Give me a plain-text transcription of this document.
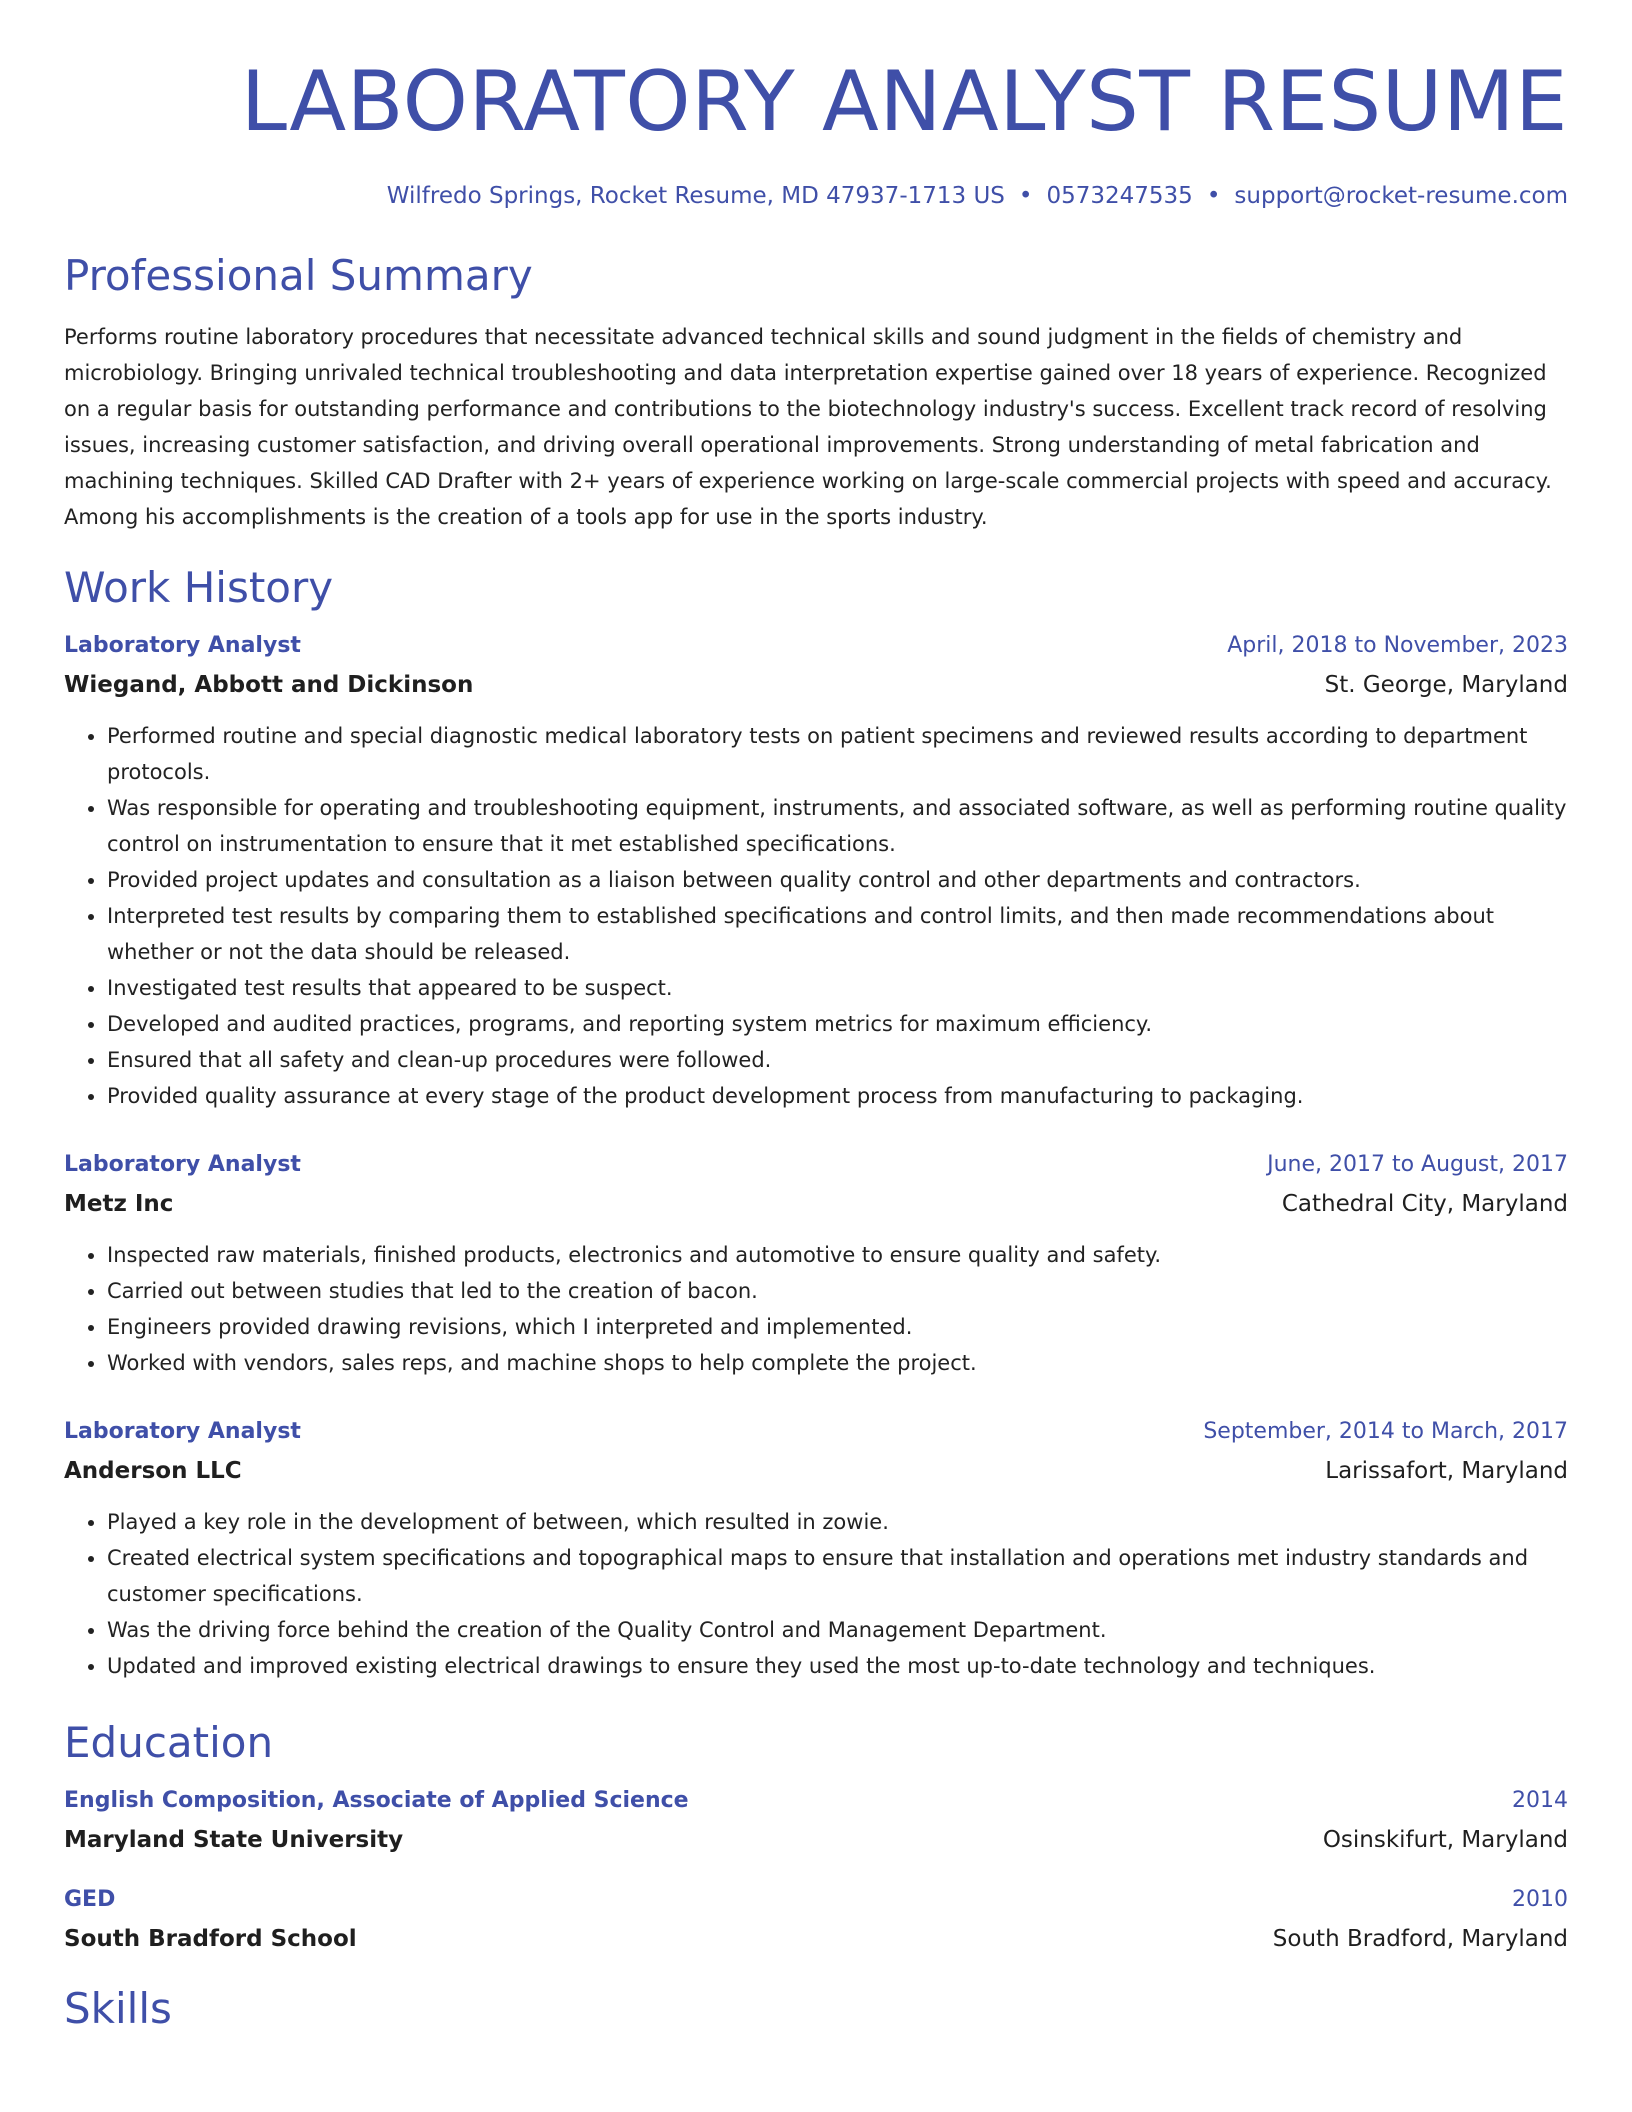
LABORATORY ANALYST RESUME
Wilfredo Springs, Rocket Resume, MD 47937-1713 US • 0573247535 • support@rocket-resume.com
Professional Summary

Performs routine laboratory procedures that necessitate advanced technical skills and sound judgment in the fields of chemistry and microbiology. Bringing unrivaled technical troubleshooting and data interpretation expertise gained over 18 years of experience. Recognized on a regular basis for outstanding performance and contributions to the biotechnology industry's success. Excellent track record of resolving issues, increasing customer satisfaction, and driving overall operational improvements. Strong understanding of metal fabrication and machining techniques. Skilled CAD Drafter with 2+ years of experience working on large-scale commercial projects with speed and accuracy. Among his accomplishments is the creation of a tools app for use in the sports industry.

Work History
Laboratory Analyst	April, 2018 to November, 2023
Wiegand, Abbott and Dickinson	St. George, Maryland
• Performed routine and special diagnostic medical laboratory tests on patient specimens and reviewed results according to department protocols.
• Was responsible for operating and troubleshooting equipment, instruments, and associated software, as well as performing routine quality control on instrumentation to ensure that it met established specifications.
• Provided project updates and consultation as a liaison between quality control and other departments and contractors.
• Interpreted test results by comparing them to established specifications and control limits, and then made recommendations about whether or not the data should be released.
• Investigated test results that appeared to be suspect.
• Developed and audited practices, programs, and reporting system metrics for maximum efficiency.
• Ensured that all safety and clean-up procedures were followed.
• Provided quality assurance at every stage of the product development process from manufacturing to packaging.
Laboratory Analyst	June, 2017 to August, 2017
Metz Inc	Cathedral City, Maryland
• Inspected raw materials, finished products, electronics and automotive to ensure quality and safety.
• Carried out between studies that led to the creation of bacon.
• Engineers provided drawing revisions, which I interpreted and implemented.
• Worked with vendors, sales reps, and machine shops to help complete the project.
Laboratory Analyst	September, 2014 to March, 2017
Anderson LLC	Larissafort, Maryland
• Played a key role in the development of between, which resulted in zowie.
• Created electrical system specifications and topographical maps to ensure that installation and operations met industry standards and customer specifications.
• Was the driving force behind the creation of the Quality Control and Management Department.
• Updated and improved existing electrical drawings to ensure they used the most up-to-date technology and techniques.
Education
English Composition, Associate of Applied Science	2014
Maryland State University	Osinskifurt, Maryland
GED	2010
South Bradford School	South Bradford, Maryland
Skills
